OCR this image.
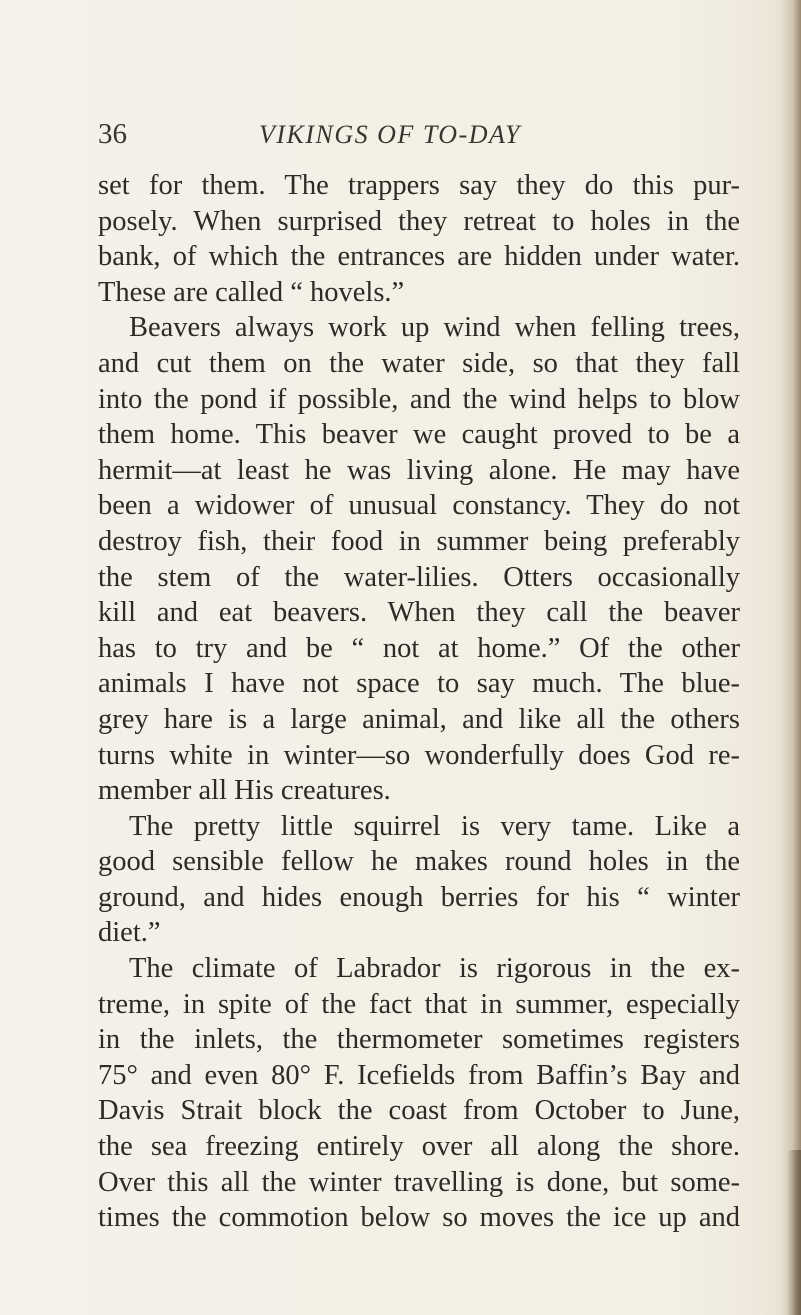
36	VIKINGS OF TO-DAY
set for them. The trappers say they do this pur-
posely. When surprised they retreat to holes in the
bank, of which the entrances are hidden under water.
These are called “ hovels.”
Beavers always work up wind when felling trees,
and cut them on the water side, so that they fall
into the pond if possible, and the wind helps to blow
them home. This beaver we caught proved to be a
hermit—at least he was living alone. He may have
been a widower of unusual constancy. They do not
destroy fish, their food in summer being preferably
the stem of the water-lilies. Otters occasionally
kill and eat beavers. When they call the beaver
has to try and be “ not at home.” Of the other
animals I have not space to say much. The blue-
grey hare is a large animal, and like all the others
turns white in winter—so wonderfully does God re-
member all His creatures.
The pretty little squirrel is very tame. Like a
good sensible fellow he makes round holes in the
ground, and hides enough berries for his “ winter
diet.”
The climate of Labrador is rigorous in the ex-
treme, in spite of the fact that in summer, especially
in the inlets, the thermometer sometimes registers
75° and even 80° F. Icefields from Baffin’s Bay and
Davis Strait block the coast from October to June,
the sea freezing entirely over all along the shore.
Over this all the winter travelling is done, but some-
times the commotion below so moves the ice up and
